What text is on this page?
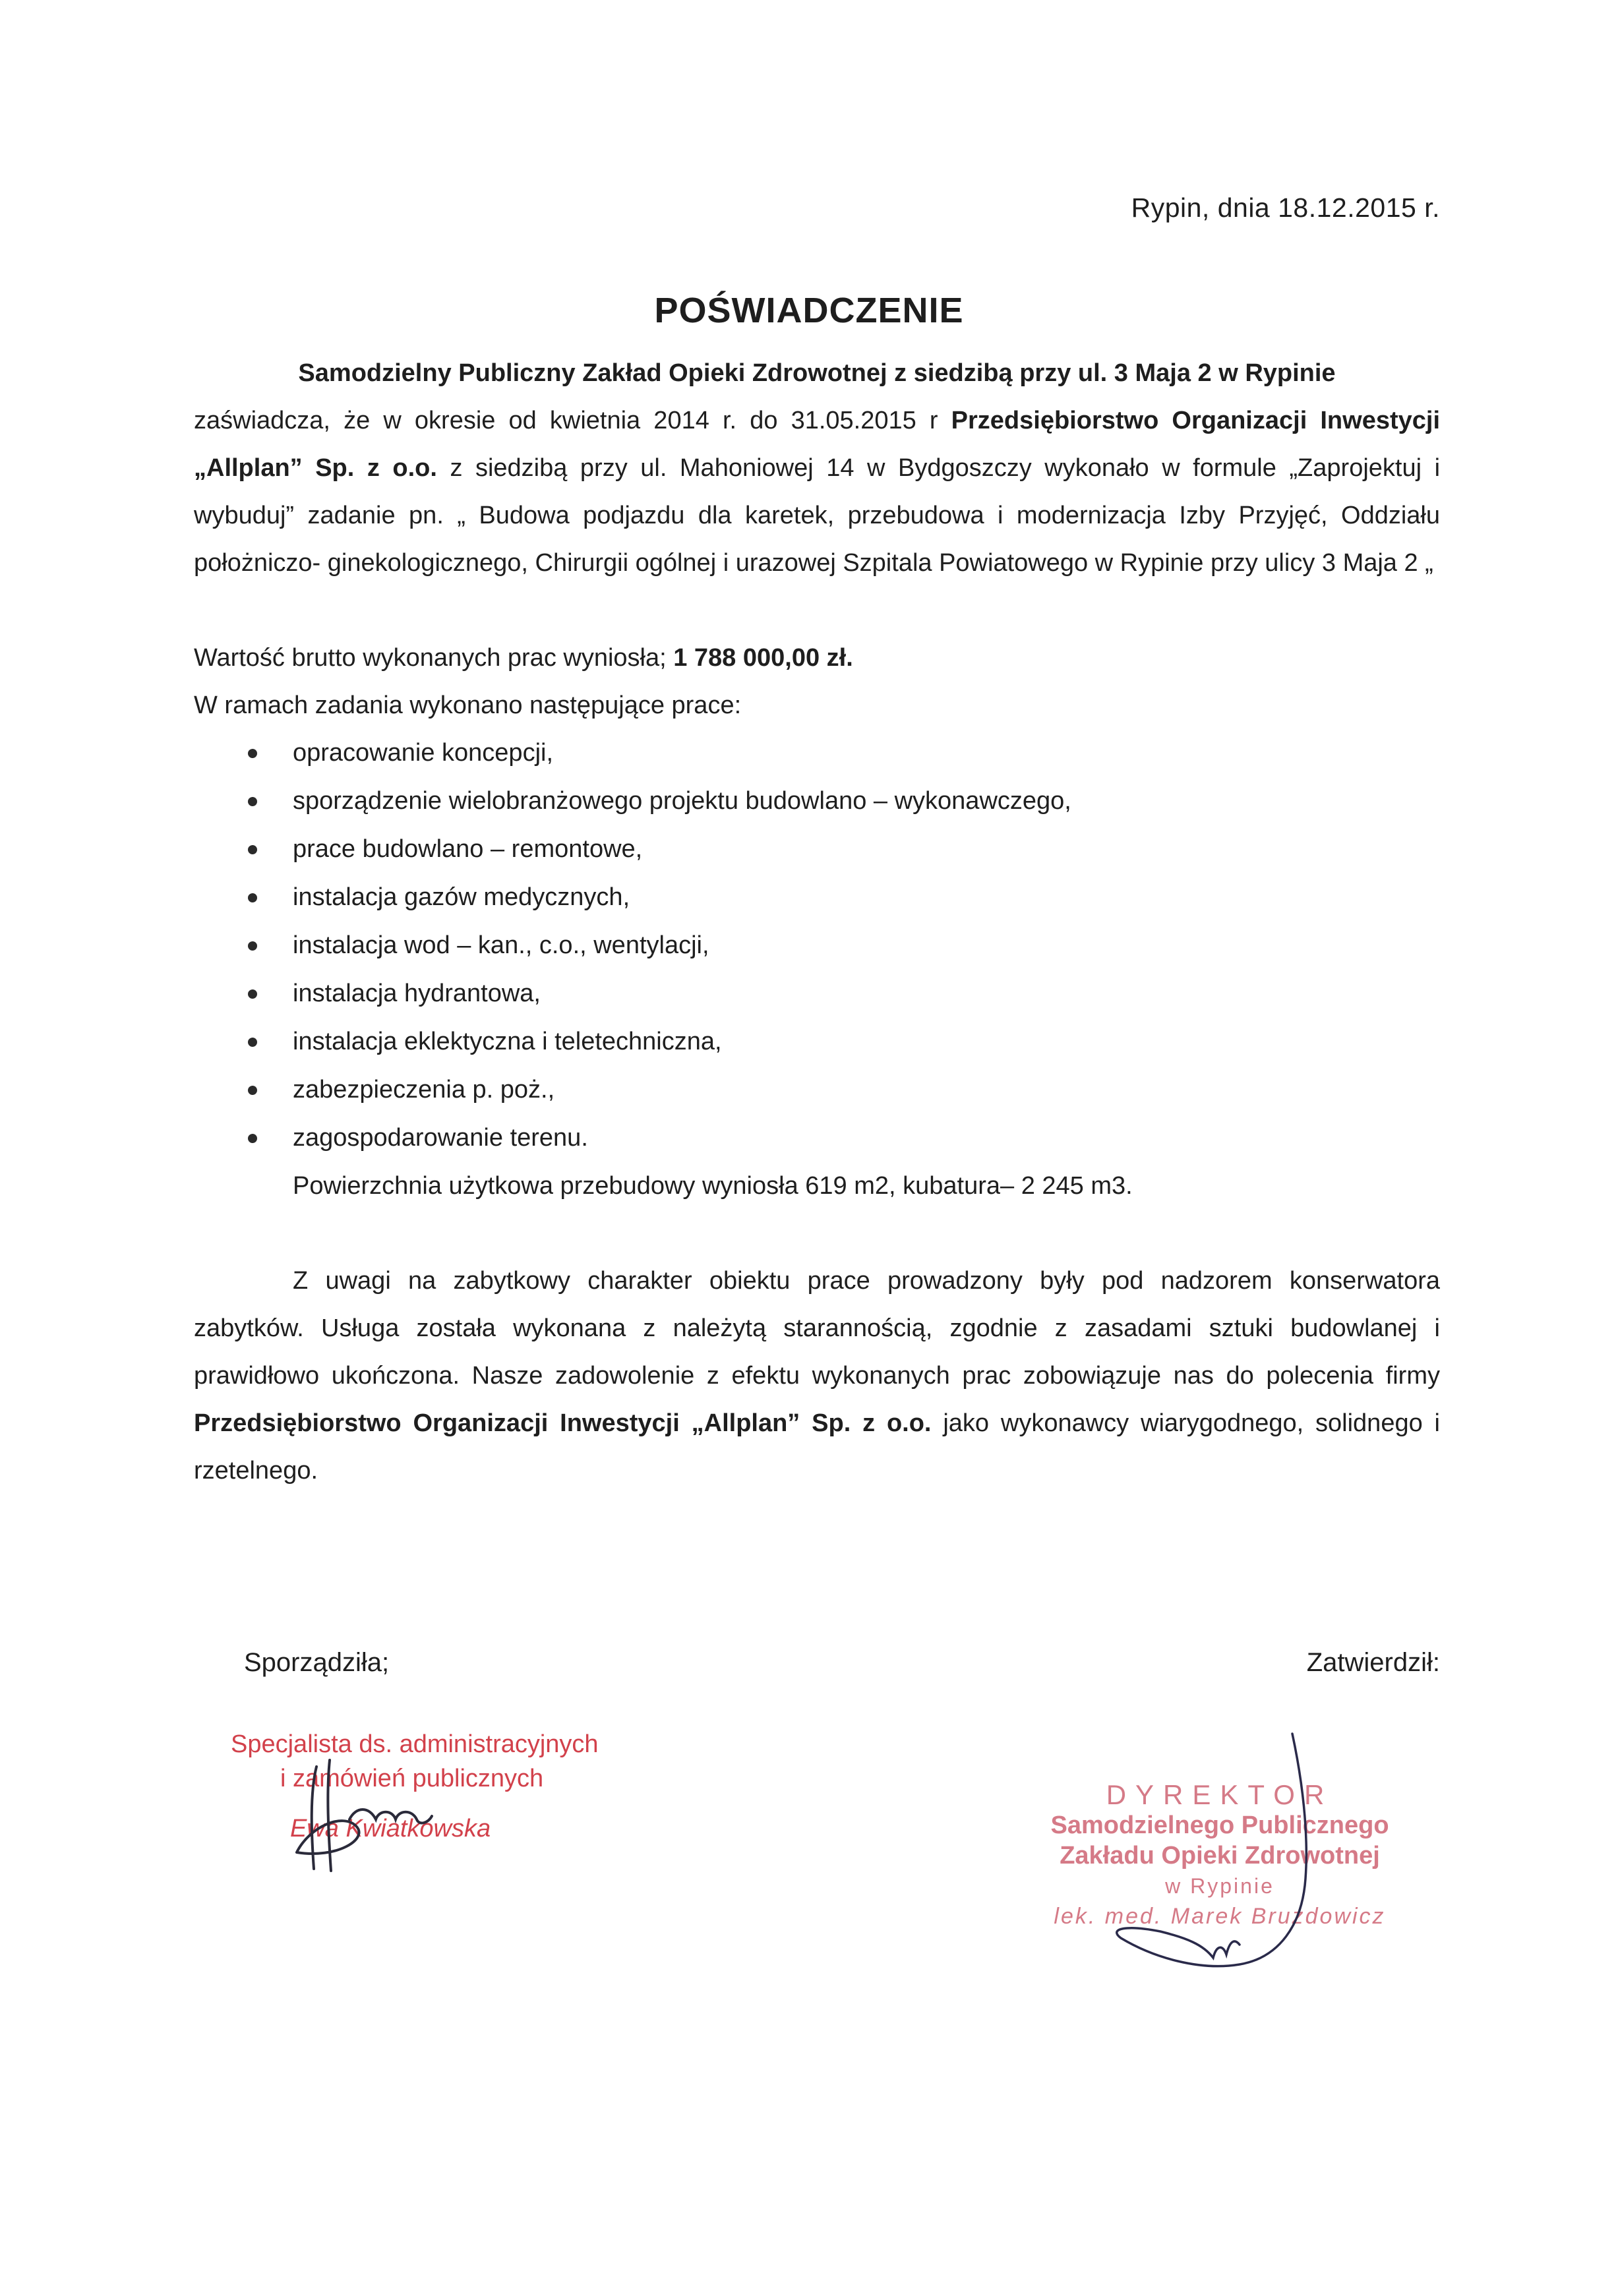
Rypin, dnia 18.12.2015 r.
POŚWIADCZENIE

Samodzielny Publiczny Zakład Opieki Zdrowotnej z siedzibą przy ul. 3 Maja 2 w Rypinie

zaświadcza, że w okresie od kwietnia 2014 r. do 31.05.2015 r Przedsiębiorstwo Organizacji Inwestycji „Allplan” Sp. z o.o. z siedzibą przy ul. Mahoniowej 14 w Bydgoszczy wykonało w formule „Zaprojektuj i wybuduj” zadanie pn. „ Budowa podjazdu dla karetek, przebudowa i modernizacja Izby Przyjęć, Oddziału położniczo- ginekologicznego, Chirurgii ogólnej i urazowej Szpitala Powiatowego w Rypinie przy ulicy 3 Maja 2 „

Wartość brutto wykonanych prac wyniosła; 1 788 000,00 zł.

W ramach zadania wykonano następujące prace:

opracowanie koncepcji,
sporządzenie wielobranżowego projektu budowlano – wykonawczego,
prace budowlano – remontowe,
instalacja gazów medycznych,
instalacja wod – kan., c.o., wentylacji,
instalacja hydrantowa,
instalacja eklektyczna i teletechniczna,
zabezpieczenia p. poż.,
zagospodarowanie terenu.

Powierzchnia użytkowa przebudowy wyniosła 619 m2, kubatura– 2 245 m3.

Z uwagi na zabytkowy charakter obiektu prace prowadzony były pod nadzorem konserwatora zabytków. Usługa została wykonana z należytą starannością, zgodnie z zasadami sztuki budowlanej i prawidłowo ukończona. Nasze zadowolenie z efektu wykonanych prac zobowiązuje nas do polecenia firmy Przedsiębiorstwo Organizacji Inwestycji „Allplan” Sp. z o.o. jako wykonawcy wiarygodnego, solidnego i rzetelnego.

Sporządziła;	Zatwierdził:
Specjalista ds. administracyjnych
i zamówień publicznych
Ewa Kwiatkowska
DYREKTOR
Samodzielnego Publicznego
Zakładu Opieki Zdrowotnej
w Rypinie
lek. med. Marek Bruzdowicz
